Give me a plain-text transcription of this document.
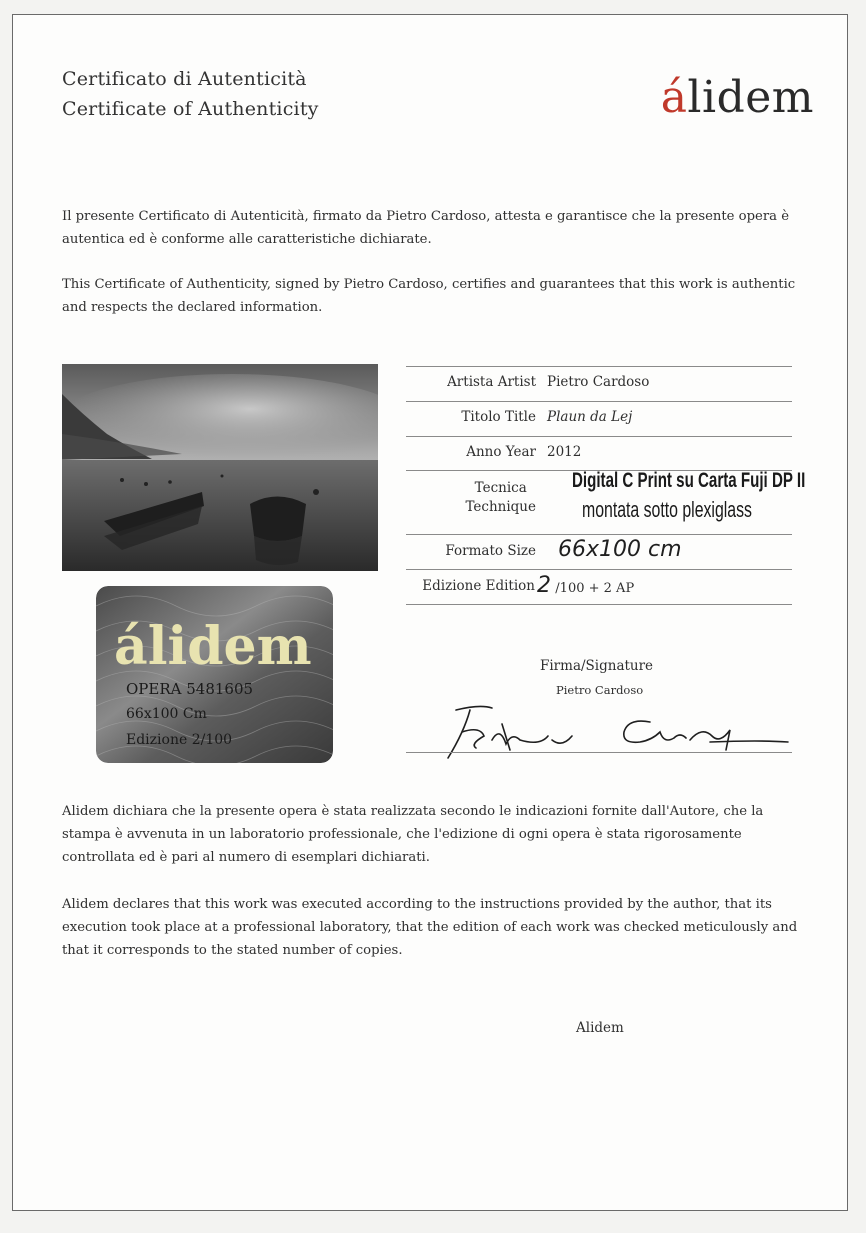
Certificato di Autenticità
Certificate of Authenticity	álidem
Il presente Certificato di Autenticità, firmato da Pietro Cardoso, attesta e garantisce che la presente opera è autentica ed è conforme alle caratteristiche dichiarate.
This Certificate of Authenticity, signed by Pietro Cardoso, certifies and guarantees that this work is authentic and respects the declared information.
álidem
OPERA 5481605
66x100 Cm
Edizione 2/100
Artista Artist Pietro Cardoso
Titolo Title Plaun da Lej
Anno Year 2012
Tecnica
Technique
Digital C Print su Carta Fuji DP II
montata sotto plexiglass
Formato Size 66x100 cm
Edizione Edition 2 /100 + 2 AP
Firma/Signature
Pietro Cardoso
Alidem dichiara che la presente opera è stata realizzata secondo le indicazioni fornite dall'Autore, che la stampa è avvenuta in un laboratorio professionale, che l'edizione di ogni opera è stata rigorosamente controllata ed è pari al numero di esemplari dichiarati.
Alidem declares that this work was executed according to the instructions provided by the author, that its execution took place at a professional laboratory, that the edition of each work was checked meticulously and that it corresponds to the stated number of copies.
Alidem
